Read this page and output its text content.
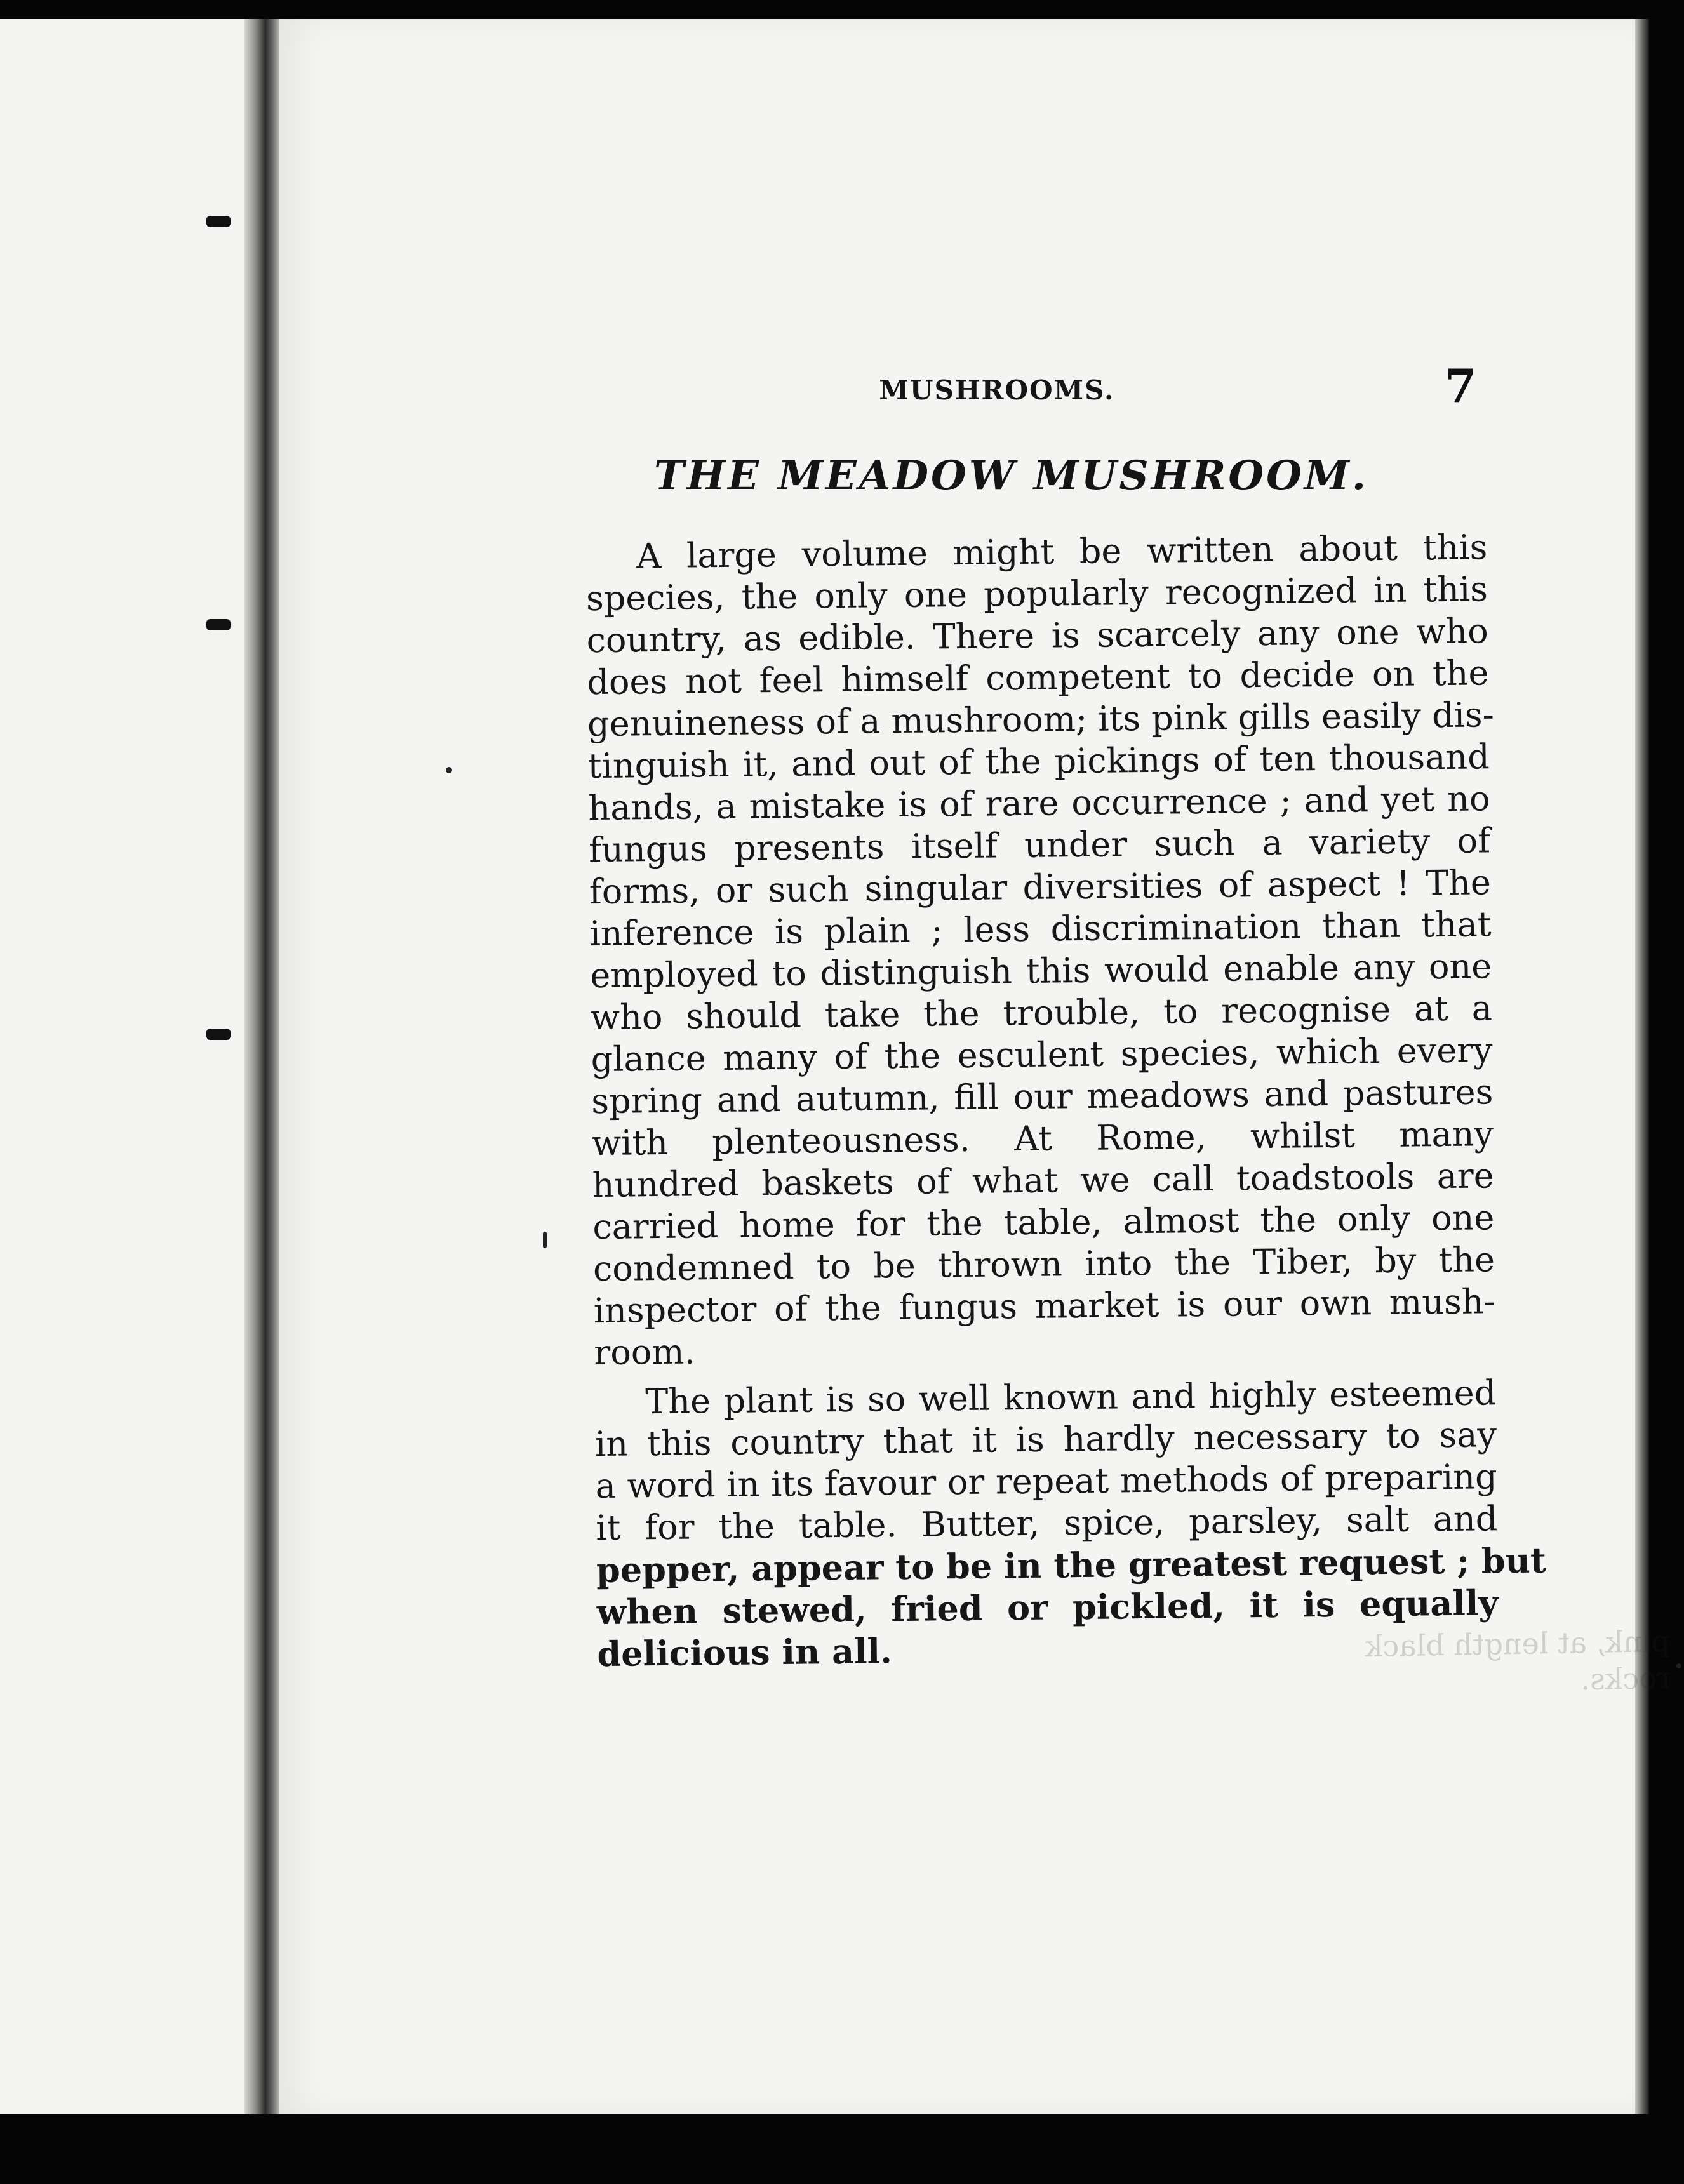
MUSHROOMS.	7
THE MEADOW MUSHROOM.

A large volume might be written about this
species, the only one popularly recognized in this
country, as edible. There is scarcely any one who
does not feel himself competent to decide on the
genuineness of a mushroom; its pink gills easily dis-
tinguish it, and out of the pickings of ten thousand
hands, a mistake is of rare occurrence ; and yet no
fungus presents itself under such a variety of
forms, or such singular diversities of aspect ! The
inference is plain ; less discrimination than that
employed to distinguish this would enable any one
who should take the trouble, to recognise at a
glance many of the esculent species, which every
spring and autumn, fill our meadows and pastures
with plenteousness. At Rome, whilst many
hundred baskets of what we call toadstools are
carried home for the table, almost the only one
condemned to be thrown into the Tiber, by the
inspector of the fungus market is our own mush-
room.

The plant is so well known and highly esteemed
in this country that it is hardly necessary to say
a word in its favour or repeat methods of preparing
it for the table. Butter, spice, parsley, salt and
pepper, appear to be in the greatest request ; but
when stewed, fried or pickled, it is equally
delicious in all.	pink, at length black
rocks.
